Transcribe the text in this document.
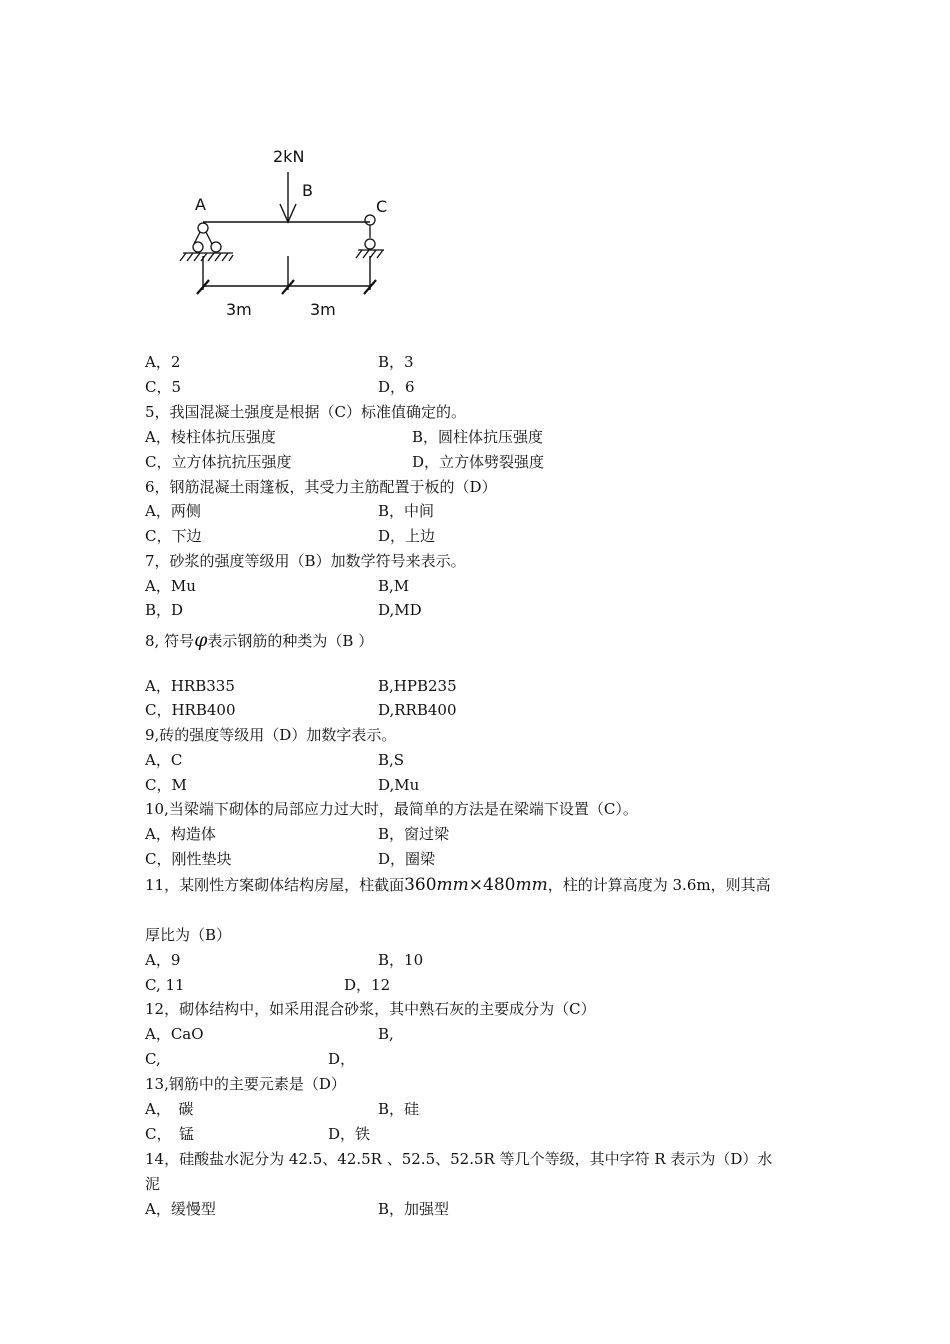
2kN
B
A	C
3m	3m
A，2	B，3
C，5	D，6
5，我国混凝土强度是根据（C）标准值确定的。
A，棱柱体抗压强度	B，圆柱体抗压强度
C，立方体抗抗压强度	D，立方体劈裂强度
6，钢筋混凝土雨篷板，其受力主筋配置于板的（D）
A，两侧	B，中间
C，下边	D，上边
7，砂浆的强度等级用（B）加数学符号来表示。
A，Mu	B,M
B，D	D,MD
8, 符号φ表示钢筋的种类为（B ）
A，HRB335	B,HPB235
C，HRB400	D,RRB400
9,砖的强度等级用（D）加数字表示。
A，C	B,S
C，M	D,Mu
10,当梁端下砌体的局部应力过大时，最简单的方法是在梁端下设置（C）。
A，构造体	B，窗过梁
C，刚性垫块	D，圈梁
11，某刚性方案砌体结构房屋，柱截面360mm×480mm，柱的计算高度为 3.6m，则其高
厚比为（B）
A，9	B，10
C, 11	D，12
12，砌体结构中，如采用混合砂浆，其中熟石灰的主要成分为（C）
A，CaO	B,
C,	D，
13,钢筋中的主要元素是（D）
A，　碳	B，硅
C，　锰	D，铁
14，硅酸盐水泥分为 42.5、42.5R 、52.5、52.5R 等几个等级，其中字符 R 表示为（D）水
泥
A，缓慢型	B，加强型
